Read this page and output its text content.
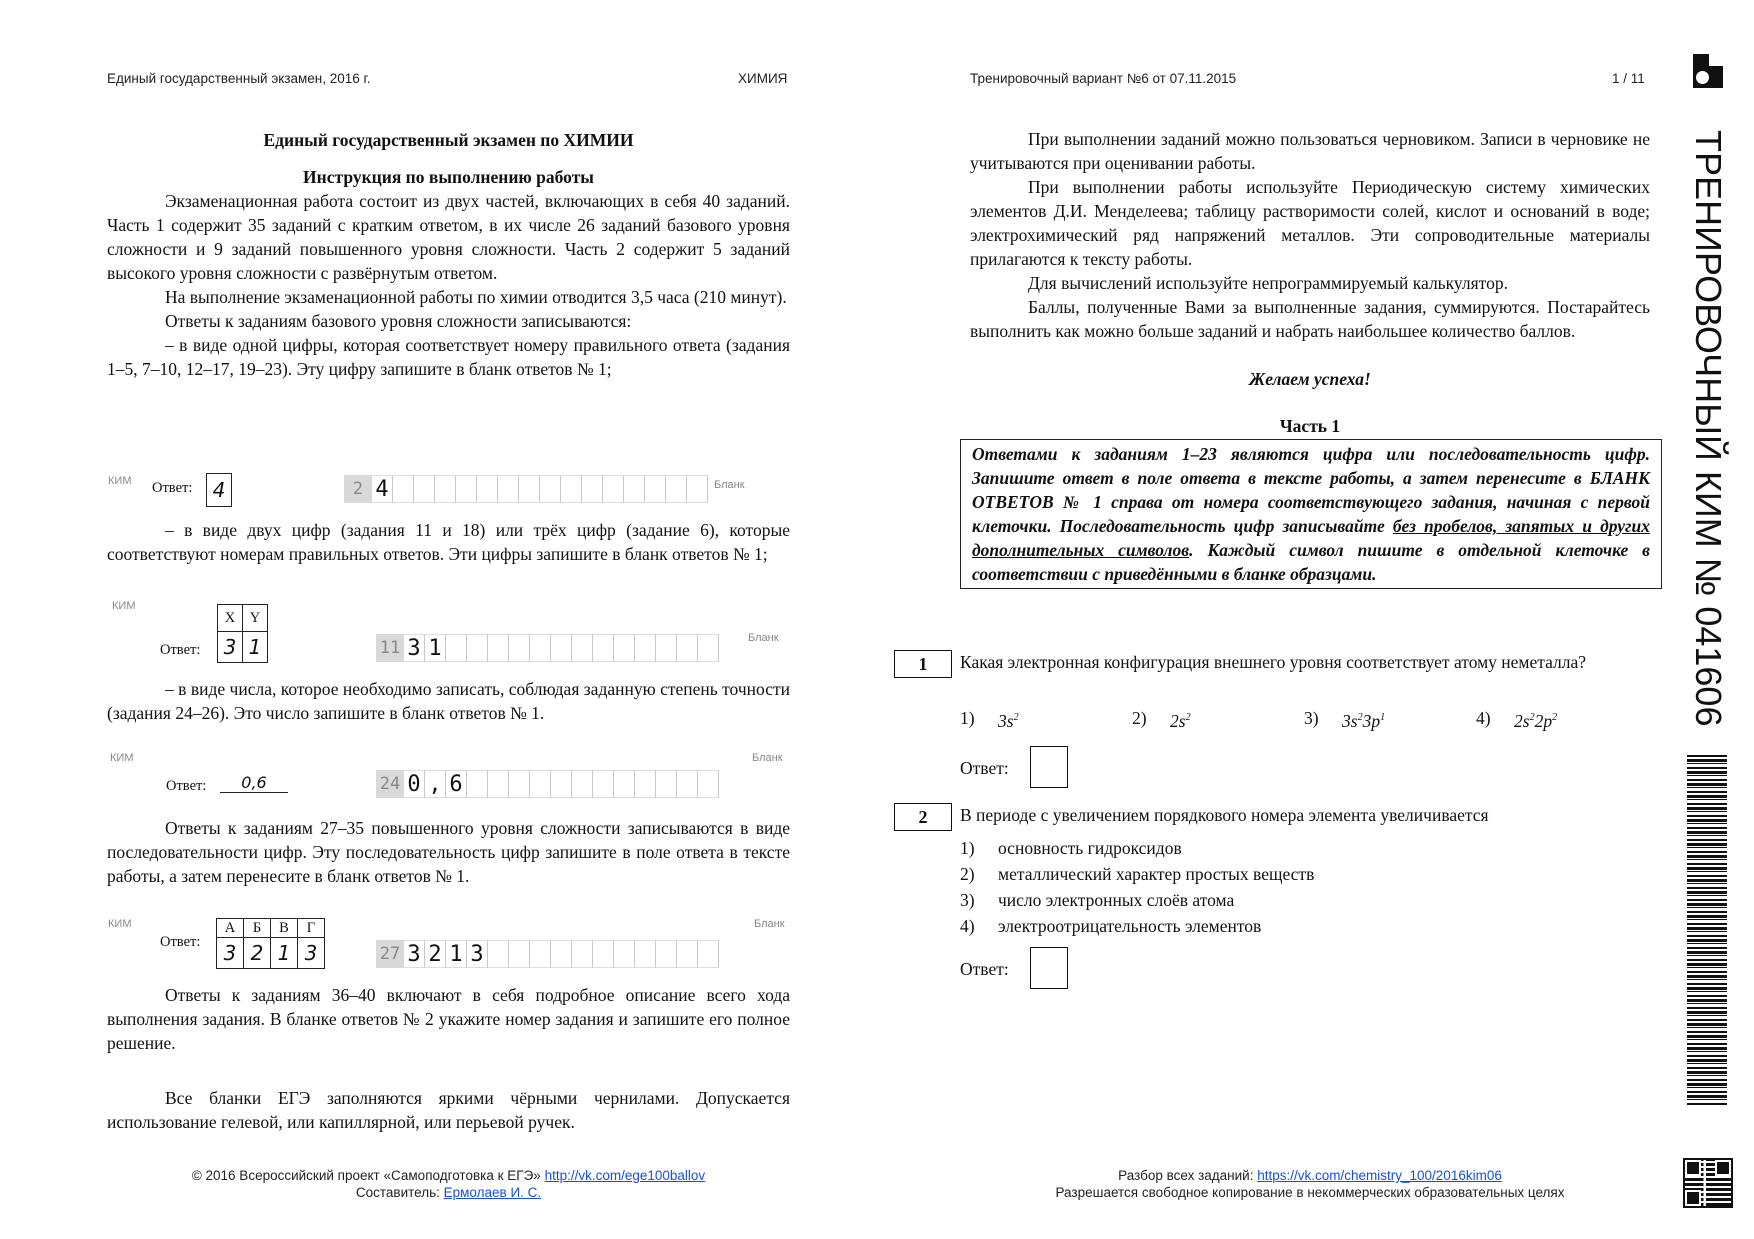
Единый государственный экзамен, 2016 г.	ХИМИЯ
Единый государственный экзамен по ХИМИИ
Инструкция по выполнению работы

Экзаменационная работа состоит из двух частей, включающих в себя 40 заданий. Часть 1 содержит 35 заданий с кратким ответом, в их числе 26 заданий базового уровня сложности и 9 заданий повышенного уровня сложности. Часть 2 содержит 5 заданий высокого уровня сложности с развёрнутым ответом.

На выполнение экзаменационной работы по химии отводится 3,5 часа (210 минут).

Ответы к заданиям базового уровня сложности записываются:

– в виде одной цифры, которая соответствует номеру правильного ответа (задания 1–5, 7–10, 12–17, 19–23). Эту цифру запишите в бланк ответов № 1;

КИМ Ответ:	4	2 4	Бланк

– в виде двух цифр (задания 11 и 18) или трёх цифр (задание 6), которые соответствуют номерам правильных ответов. Эти цифры запишите в бланк ответов № 1;

КИМ
Ответ:
X	Y
3	1	11 3 1	Бланк

– в виде числа, которое необходимо записать, соблюдая заданную степень точности (задания 24–26). Это число запишите в бланк ответов № 1.

КИМ
Ответ:	0,6	24 0 , 6
Бланк

Ответы к заданиям 27–35 повышенного уровня сложности записываются в виде последовательности цифр. Эту последовательность цифр запишите в поле ответа в тексте работы, а затем перенесите в бланк ответов № 1.

КИМ
Ответ:
А	Б	В	Г
3	2	1	3	27 3 2 1 3
Бланк

Ответы к заданиям 36–40 включают в себя подробное описание всего хода выполнения задания. В бланке ответов № 2 укажите номер задания и запишите его полное решение.

Все бланки ЕГЭ заполняются яркими чёрными чернилами. Допускается использование гелевой, или капиллярной, или перьевой ручек.

© 2016 Всероссийский проект «Самоподготовка к ЕГЭ» http://vk.com/ege100ballov
Составитель: Ермолаев И. С.
Тренировочный вариант №6 от 07.11.2015	1 / 11

При выполнении заданий можно пользоваться черновиком. Записи в черновике не учитываются при оценивании работы.

При выполнении работы используйте Периодическую систему химических элементов Д.И. Менделеева; таблицу растворимости солей, кислот и оснований в воде; электрохимический ряд напряжений металлов. Эти сопроводительные материалы прилагаются к тексту работы.

Для вычислений используйте непрограммируемый калькулятор.

Баллы, полученные Вами за выполненные задания, суммируются. Постарайтесь выполнить как можно больше заданий и набрать наибольшее количество баллов.

Желаем успеха!
Часть 1
Ответами к заданиям 1–23 являются цифра или последовательность цифр. Запишите ответ в поле ответа в тексте работы, а затем перенесите в БЛАНК ОТВЕТОВ № 1 справа от номера соответствующего задания, начиная с первой клеточки. Последовательность цифр записывайте без пробелов, запятых и других дополнительных символов. Каждый символ пишите в отдельной клеточке в соответствии с приведёнными в бланке образцами.
1	Какая электронная конфигурация внешнего уровня соответствует атому неметалла?
1) $3s^2$	2) $2s^2$	3) $3s^23p^1$	4) $2s^22p^2$
Ответ:
2	В периоде с увеличением порядкового номера элемента увеличивается
1) основность гидроксидов
2) металлический характер простых веществ
3) число электронных слоёв атома
4) электроотрицательность элементов
Ответ:
Разбор всех заданий: https://vk.com/chemistry_100/2016kim06
Разрешается свободное копирование в некоммерческих образовательных целях
ТРЕНИРОВОЧНЫЙ КИМ № 041606
